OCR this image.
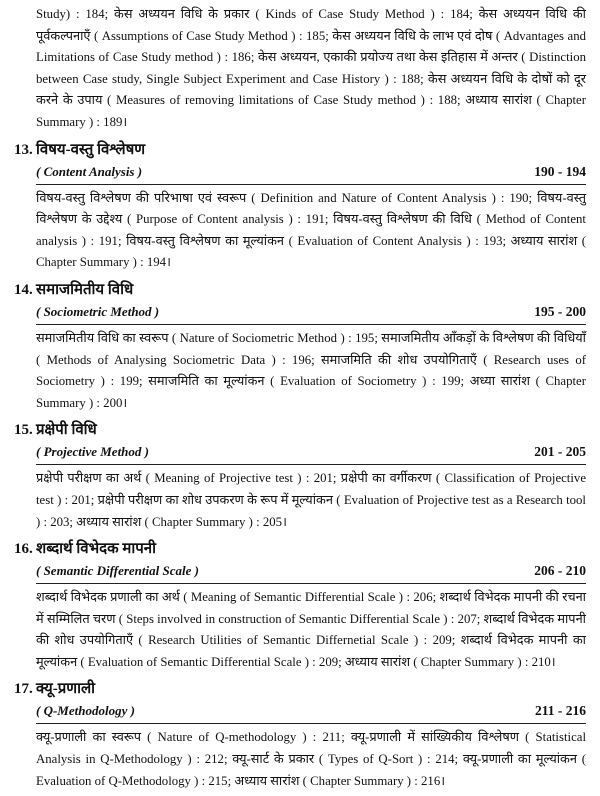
Study) : 184; केस अध्ययन विधि के प्रकार ( Kinds of Case Study Method ) : 184; केस अध्ययन विधि की पूर्वकल्पनाएँ ( Assumptions of Case Study Method ) : 185; केस अध्ययन विधि के लाभ एवं दोष ( Advantages and Limitations of Case Study method ) : 186; केस अध्ययन, एकाकी प्रयोज्य तथा केस इतिहास में अन्तर ( Distinction between Case study, Single Subject Experiment and Case History ) : 188; केस अध्ययन विधि के दोषों को दूर करने के उपाय ( Measures of removing limitations of Case Study method ) : 188; अध्याय सारांश ( Chapter Summary ) : 189।

13. विषय-वस्तु विश्लेषण
( Content Analysis )	190 - 194

विषय-वस्तु विश्लेषण की परिभाषा एवं स्वरूप ( Definition and Nature of Content Analysis ) : 190; विषय-वस्तु विश्लेषण के उद्देश्य ( Purpose of Content analysis ) : 191; विषय-वस्तु विश्लेषण की विधि ( Method of Content analysis ) : 191; विषय-वस्तु विश्लेषण का मूल्यांकन ( Evaluation of Content Analysis ) : 193; अध्याय सारांश ( Chapter Summary ) : 194।

14. समाजमितीय विधि
( Sociometric Method )	195 - 200

समाजमितीय विधि का स्वरूप ( Nature of Sociometric Method ) : 195; समाजमितीय आँकड़ों के विश्लेषण की विधियाँ ( Methods of Analysing Sociometric Data ) : 196; समाजमिति की शोध उपयोगिताएँ ( Research uses of Sociometry ) : 199; समाजमिति का मूल्यांकन ( Evaluation of Sociometry ) : 199; अध्या सारांश ( Chapter Summary ) : 200।

15. प्रक्षेपी विधि
( Projective Method )	201 - 205

प्रक्षेपी परीक्षण का अर्थ ( Meaning of Projective test ) : 201; प्रक्षेपी का वर्गीकरण ( Classification of Projective test ) : 201; प्रक्षेपी परीक्षण का शोध उपकरण के रूप में मूल्यांकन ( Evaluation of Projective test as a Research tool ) : 203; अध्याय सारांश ( Chapter Summary ) : 205।

16. शब्दार्थ विभेदक मापनी
( Semantic Differential Scale )	206 - 210

शब्दार्थ विभेदक प्रणाली का अर्थ ( Meaning of Semantic Differential Scale ) : 206; शब्दार्थ विभेदक मापनी की रचना में सम्मिलित चरण ( Steps involved in construction of Semantic Differential Scale ) : 207; शब्दार्थ विभेदक मापनी की शोध उपयोगिताएँ ( Research Utilities of Semantic Differnetial Scale ) : 209; शब्दार्थ विभेदक मापनी का मूल्यांकन ( Evaluation of Semantic Differential Scale ) : 209; अध्याय सारांश ( Chapter Summary ) : 210।

17. क्यू-प्रणाली
( Q-Methodology )	211 - 216

क्यू-प्रणाली का स्वरूप ( Nature of Q-methodology ) : 211; क्यू-प्रणाली में सांख्यिकीय विश्लेषण ( Statistical Analysis in Q-Methodology ) : 212; क्यू-सार्ट के प्रकार ( Types of Q-Sort ) : 214; क्यू-प्रणाली का मूल्यांकन ( Evaluation of Q-Methodology ) : 215; अध्याय सारांश ( Chapter Summary ) : 216।
